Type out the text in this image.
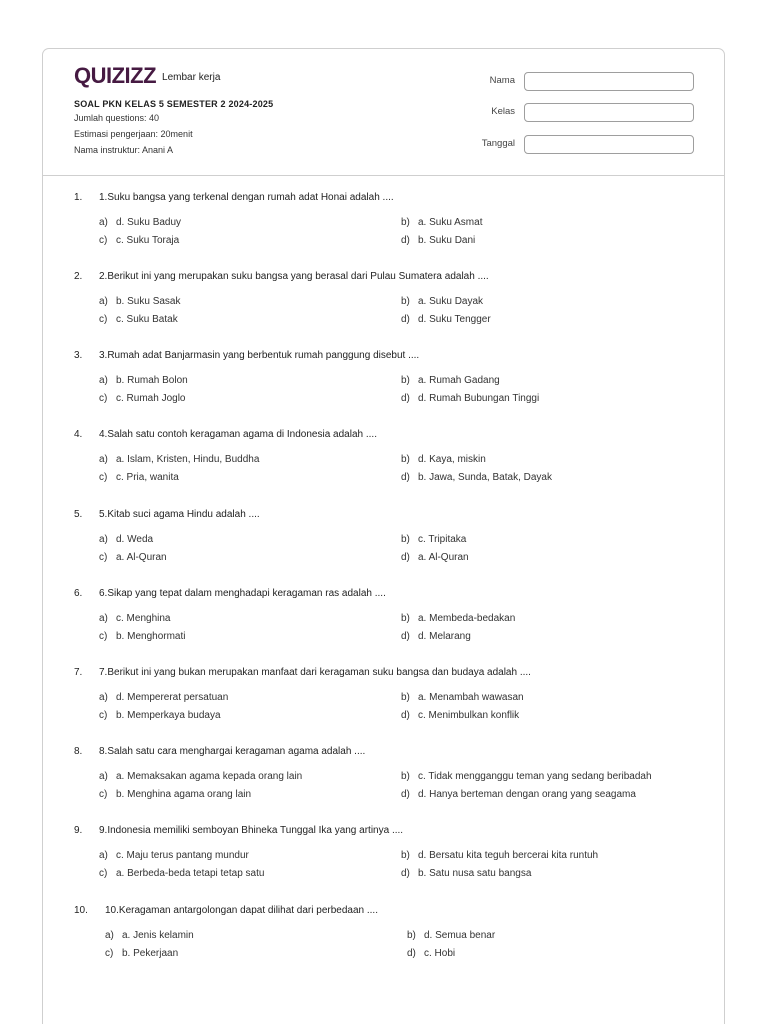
QUIZIZZ Lembar kerja
SOAL PKN KELAS 5 SEMESTER 2 2024-2025
Jumlah questions: 40
Estimasi pengerjaan: 20menit
Nama instruktur: Anani A
Nama
Kelas
Tanggal
1. 1.Suku bangsa yang terkenal dengan rumah adat Honai adalah ....
a) d. Suku Baduy	b) a. Suku Asmat
c) c. Suku Toraja	d) b. Suku Dani
2. 2.Berikut ini yang merupakan suku bangsa yang berasal dari Pulau Sumatera adalah ....
a) b. Suku Sasak	b) a. Suku Dayak
c) c. Suku Batak	d) d. Suku Tengger
3. 3.Rumah adat Banjarmasin yang berbentuk rumah panggung disebut ....
a) b. Rumah Bolon	b) a. Rumah Gadang
c) c. Rumah Joglo	d) d. Rumah Bubungan Tinggi
4. 4.Salah satu contoh keragaman agama di Indonesia adalah ....
a) a. Islam, Kristen, Hindu, Buddha	b) d. Kaya, miskin
c) c. Pria, wanita	d) b. Jawa, Sunda, Batak, Dayak
5. 5.Kitab suci agama Hindu adalah ....
a) d. Weda	b) c. Tripitaka
c) a. Al-Quran	d) a. Al-Quran
6. 6.Sikap yang tepat dalam menghadapi keragaman ras adalah ....
a) c. Menghina	b) a. Membeda-bedakan
c) b. Menghormati	d) d. Melarang
7. 7.Berikut ini yang bukan merupakan manfaat dari keragaman suku bangsa dan budaya adalah ....
a) d. Mempererat persatuan	b) a. Menambah wawasan
c) b. Memperkaya budaya	d) c. Menimbulkan konflik
8. 8.Salah satu cara menghargai keragaman agama adalah ....
a) a. Memaksakan agama kepada orang lain	b) c. Tidak mengganggu teman yang sedang beribadah
c) b. Menghina agama orang lain	d) d. Hanya berteman dengan orang yang seagama
9. 9.Indonesia memiliki semboyan Bhineka Tunggal Ika yang artinya ....
a) c. Maju terus pantang mundur	b) d. Bersatu kita teguh bercerai kita runtuh
c) a. Berbeda-beda tetapi tetap satu	d) b. Satu nusa satu bangsa
10. 10.Keragaman antargolongan dapat dilihat dari perbedaan ....
a) a. Jenis kelamin	b) d. Semua benar
c) b. Pekerjaan	d) c. Hobi
